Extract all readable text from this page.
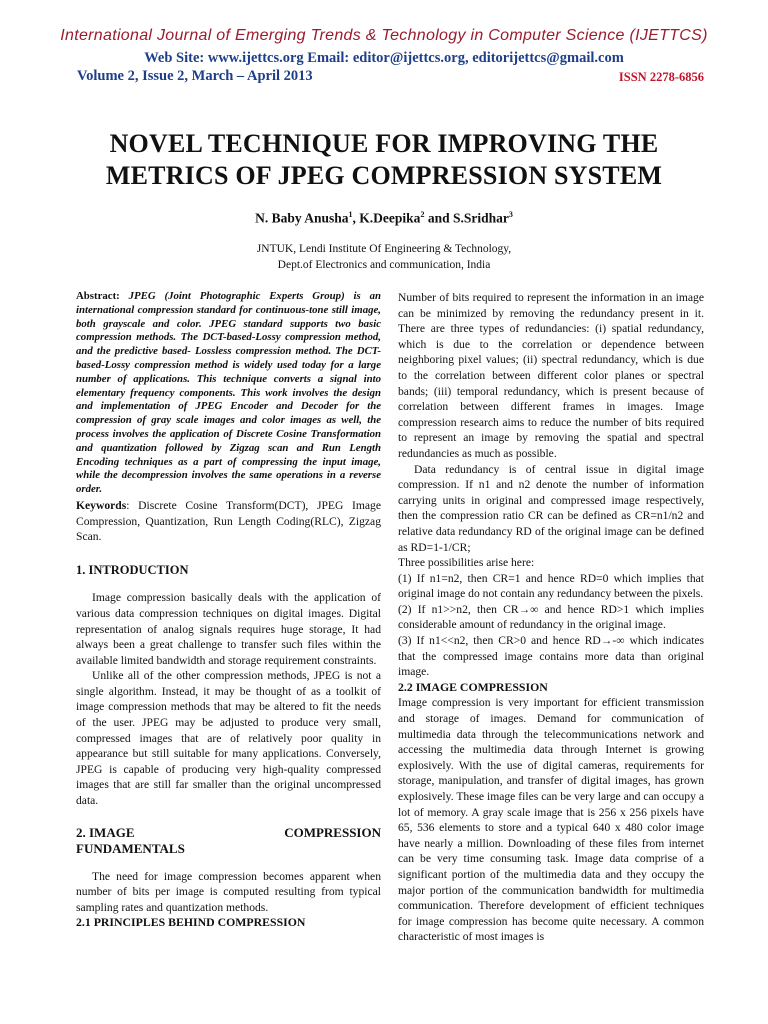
International Journal of Emerging Trends & Technology in Computer Science (IJETTCS)
Web Site: www.ijettcs.org Email: editor@ijettcs.org, editorijettcs@gmail.com
Volume 2, Issue 2, March – April 2013	ISSN 2278-6856
NOVEL TECHNIQUE FOR IMPROVING THE
METRICS OF JPEG COMPRESSION SYSTEM
N. Baby Anusha$^1$, K.Deepika$^2$ and S.Sridhar$^3$
JNTUK, Lendi Institute Of Engineering & Technology,
Dept.of Electronics and communication, India

Abstract: JPEG (Joint Photographic Experts Group) is an international compression standard for continuous-tone still image, both grayscale and color. JPEG standard supports two basic compression methods. The DCT-based-Lossy compression method, and the predictive based- Lossless compression method. The DCT-based-Lossy compression method is widely used today for a large number of applications. This technique converts a signal into elementary frequency components. This work involves the design and implementation of JPEG Encoder and Decoder for the compression of gray scale images and color images as well, the process involves the application of Discrete Cosine Transformation and quantization followed by Zigzag scan and Run Length Encoding techniques as a part of compressing the input image, while the decompression involves the same operations in a reverse order.

Keywords: Discrete Cosine Transform(DCT), JPEG Image Compression, Quantization, Run Length Coding(RLC), Zigzag Scan.

1. INTRODUCTION

Image compression basically deals with the application of various data compression techniques on digital images. Digital representation of analog signals requires huge storage, It had always been a great challenge to transfer such files within the available limited bandwidth and storage requirement constraints.

Unlike all of the other compression methods, JPEG is not a single algorithm. Instead, it may be thought of as a toolkit of image compression methods that may be altered to fit the needs of the user. JPEG may be adjusted to produce very small, compressed images that are of relatively poor quality in appearance but still suitable for many applications. Conversely, JPEG is capable of producing very high-quality compressed images that are still far smaller than the original uncompressed data.

2. IMAGE	COMPRESSION

FUNDAMENTALS

The need for image compression becomes apparent when number of bits per image is computed resulting from typical sampling rates and quantization methods.

2.1 PRINCIPLES BEHIND COMPRESSION

Number of bits required to represent the information in an image can be minimized by removing the redundancy present in it. There are three types of redundancies: (i) spatial redundancy, which is due to the correlation or dependence between neighboring pixel values; (ii) spectral redundancy, which is due to the correlation between different color planes or spectral bands; (iii) temporal redundancy, which is present because of correlation between different frames in images. Image compression research aims to reduce the number of bits required to represent an image by removing the spatial and spectral redundancies as much as possible.

Data redundancy is of central issue in digital image compression. If n1 and n2 denote the number of information carrying units in original and compressed image respectively, then the compression ratio CR can be defined as CR=n1/n2 and relative data redundancy RD of the original image can be defined as RD=1-1/CR;

Three possibilities arise here:

(1) If n1=n2, then CR=1 and hence RD=0 which implies that original image do not contain any redundancy between the pixels.

(2) If n1>>n2, then CR→∞ and hence RD>1 which implies considerable amount of redundancy in the original image.

(3) If n1<<n2, then CR>0 and hence RD→-∞ which indicates that the compressed image contains more data than original image.

2.2 IMAGE COMPRESSION

Image compression is very important for efficient transmission and storage of images. Demand for communication of multimedia data through the telecommunications network and accessing the multimedia data through Internet is growing explosively. With the use of digital cameras, requirements for storage, manipulation, and transfer of digital images, has grown explosively. These image files can be very large and can occupy a lot of memory. A gray scale image that is 256 x 256 pixels have 65, 536 elements to store and a typical 640 x 480 color image have nearly a million. Downloading of these files from internet can be very time consuming task. Image data comprise of a significant portion of the multimedia data and they occupy the major portion of the communication bandwidth for multimedia communication. Therefore development of efficient techniques for image compression has become quite necessary. A common characteristic of most images is
